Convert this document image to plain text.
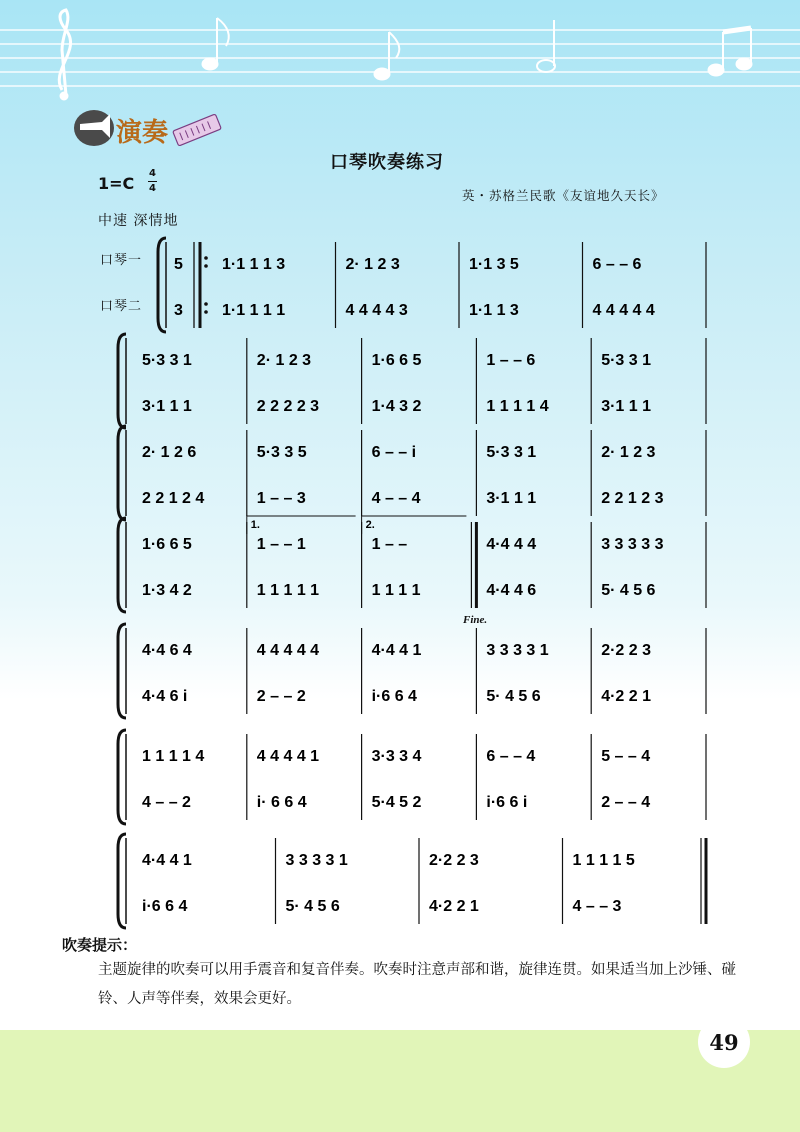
演奏
口琴吹奏练习
1=C
4
4	英・苏格兰民歌《友谊地久天长》
中速 深情地
口琴一
口琴二
5
3
1·1 1 1 3	2· 1 2 3	1·1 3 5	6 – – 6
1·1 1 1 1	4 4 4 4 3	1·1 1 3	4 4 4 4 4
5·3 3 1	2· 1 2 3	1·6 6 5	1 – – 6	5·3 3 1
3·1 1 1	2 2 2 2 3	1·4 3 2	1 1 1 1 4	3·1 1 1
2· 1 2 6	5·3 3 5	6 – – i	5·3 3 1	2· 1 2 3
2 2 1 2 4	1 – – 3	4 – – 4	3·1 1 1	2 2 1 2 3
1.	2.
1·6 6 5	1 – – 1	1 – –	4·4 4 4	3 3 3 3 3
1·3 4 2	1 1 1 1 1	1 1 1 1	4·4 4 6	5· 4 5 6
4·4 6 4	4 4 4 4 4	4·4 4 1	3 3 3 3 1	2·2 2 3
4·4 6 i	2 – – 2	i·6 6 4	5· 4 5 6	4·2 2 1
1 1 1 1 4	4 4 4 4 1	3·3 3 4	6 – – 4	5 – – 4
4 – – 2	i· 6 6 4	5·4 5 2	i·6 6 i	2 – – 4
4·4 4 1	3 3 3 3 1	2·2 2 3	1 1 1 1 5
i·6 6 4	5· 4 5 6	4·2 2 1	4 – – 3
Fine.
吹奏提示：
主题旋律的吹奏可以用手震音和复音伴奏。吹奏时注意声部和谐，旋律连贯。如果适当加上沙锤、碰铃、人声等伴奏，效果会更好。
49
